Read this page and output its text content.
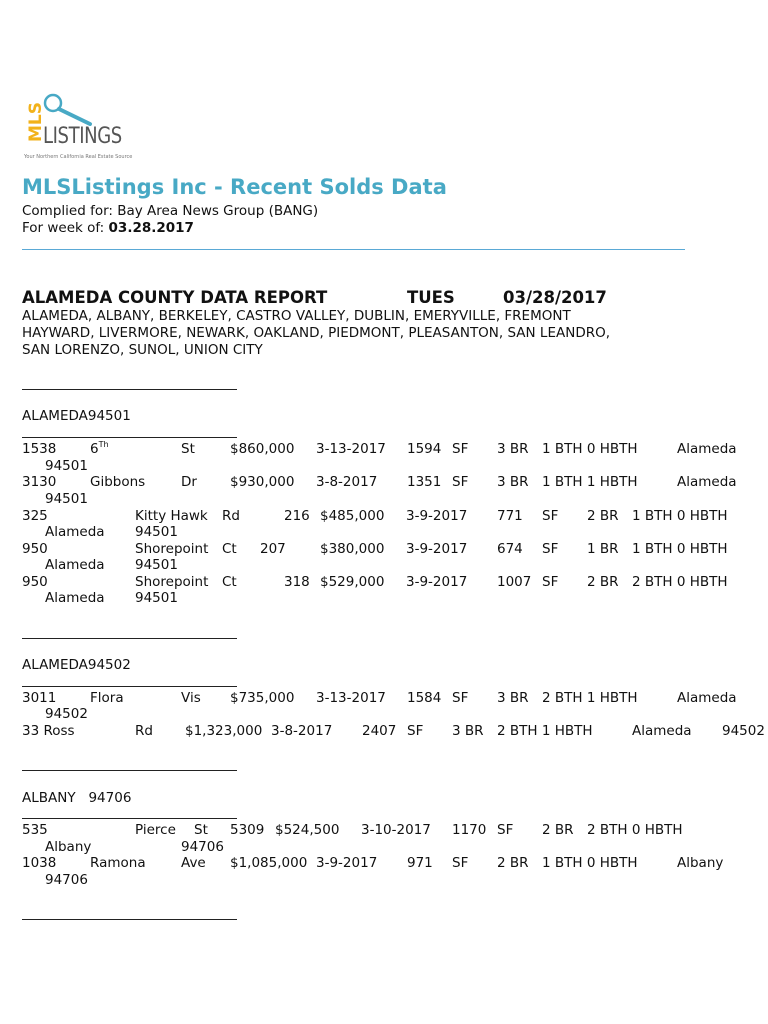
MLS
LISTINGS
Your Northern California Real Estate Source
MLSListings Inc - Recent Solds Data
Complied for: Bay Area News Group (BANG)
For week of: 03.28.2017
ALAMEDA COUNTY DATA REPORT	TUES	03/28/2017
ALAMEDA, ALBANY, BERKELEY, CASTRO VALLEY, DUBLIN, EMERYVILLE, FREMONT
HAYWARD, LIVERMORE, NEWARK, OAKLAND, PIEDMONT, PLEASANTON, SAN LEANDRO,
SAN LORENZO, SUNOL, UNION CITY
ALAMEDA94501
1538 6Th	St	$860,000 3-13-2017 1594 SF 3 BR 1 BTH 0 HBTH	Alameda
94501
3130 Gibbons	Dr $930,000 3-8-2017 1351 SF 3 BR 1 BTH 1 HBTH	Alameda
94501
325	Kitty Hawk Rd	216 $485,000 3-9-2017 771 SF 2 BR 1 BTH 0 HBTH
Alameda 94501
950	Shorepoint Ct 207	$380,000 3-9-2017 674 SF 1 BR 1 BTH 0 HBTH
Alameda 94501
950	Shorepoint Ct	318 $529,000 3-9-2017 1007 SF 2 BR 2 BTH 0 HBTH
Alameda 94501
ALAMEDA94502
3011 Flora	Vis $735,000 3-13-2017 1584 SF 3 BR 2 BTH 1 HBTH	Alameda
94502
33 Ross	Rd $1,323,000 3-8-2017 2407 SF 3 BR 2 BTH 1 HBTH	Alameda 94502
ALBANY   94706
535	Pierce St 5309 $524,500 3-10-2017 1170 SF 2 BR 2 BTH 0 HBTH
Albany	94706
1038 Ramona	Ave $1,085,000 3-9-2017 971 SF 2 BR 1 BTH 0 HBTH	Albany
94706
